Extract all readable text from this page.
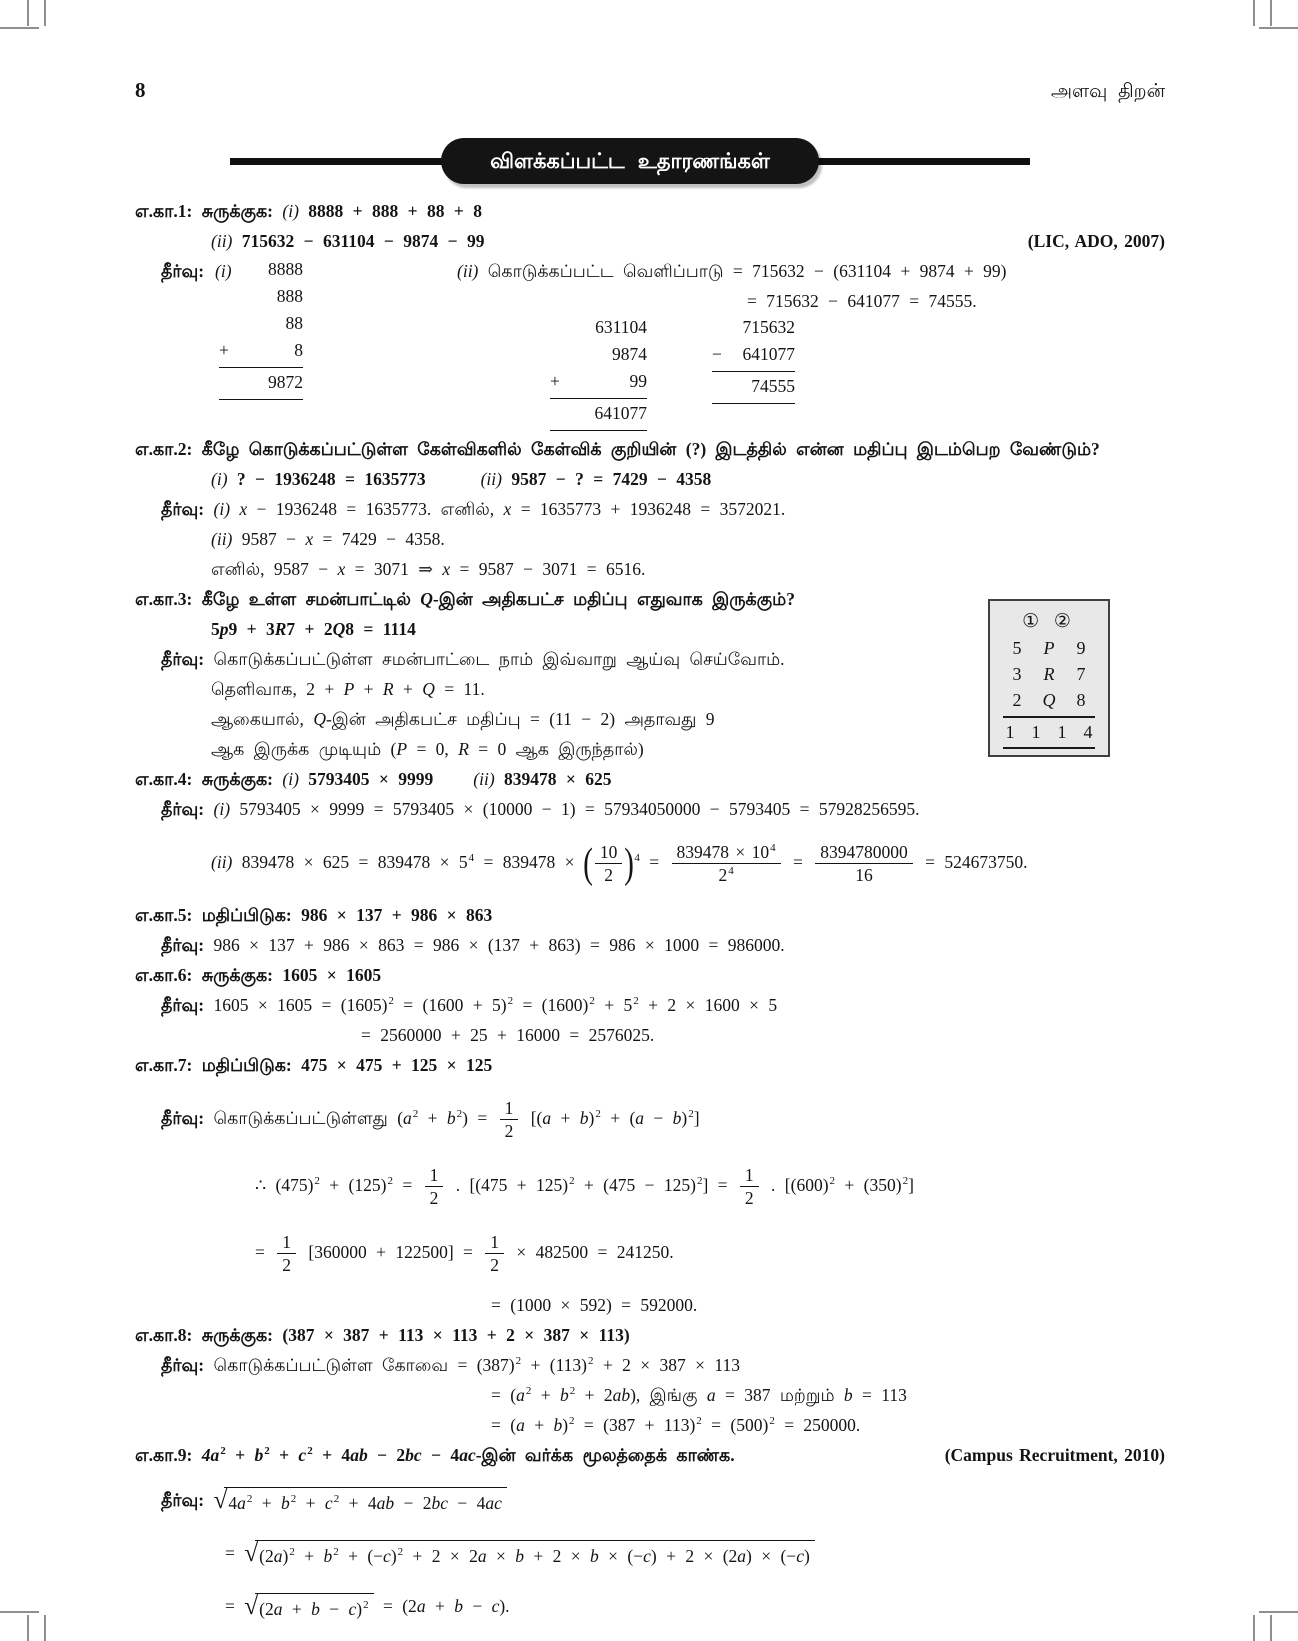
8	அளவு திறன்
விளக்கப்பட்ட உதாரணங்கள்
எ.கா.1: சுருக்குக: (i) 8888 + 888 + 88 + 8
(ii) 715632 − 631104 − 9874 − 99	(LIC, ADO, 2007)
தீர்வு: (i)	8888
888
88
+	8
9872
(ii) கொடுக்கப்பட்ட வெளிப்பாடு = 715632 − (631104 + 9874 + 99)
= 715632 − 641077 = 74555.
631104
9874
+	99
641077
715632
− 641077
74555
எ.கா.2: கீழே கொடுக்கப்பட்டுள்ள கேள்விகளில் கேள்விக் குறியின் (?) இடத்தில் என்ன மதிப்பு இடம்பெற வேண்டும்?
(i) ? − 1936248 = 1635773	(ii) 9587 − ? = 7429 − 4358
தீர்வு: (i) x − 1936248 = 1635773. எனில், x = 1635773 + 1936248 = 3572021.
(ii) 9587 − x = 7429 − 4358.
எனில், 9587 − x = 3071 ⇒ x = 9587 − 3071 = 6516.
எ.கா.3: கீழே உள்ள சமன்பாட்டில் Q-இன் அதிகபட்ச மதிப்பு எதுவாக இருக்கும்?
5p9 + 3R7 + 2Q8 = 1114
தீர்வு: கொடுக்கப்பட்டுள்ள சமன்பாட்டை நாம் இவ்வாறு ஆய்வு செய்வோம்.
தெளிவாக, 2 + P + R + Q = 11.
ஆகையால், Q-இன் அதிகபட்ச மதிப்பு = (11 − 2) அதாவது 9
ஆக இருக்க முடியும் (P = 0, R = 0 ஆக இருந்தால்)
எ.கா.4: சுருக்குக: (i) 5793405 × 9999 (ii) 839478 × 625
தீர்வு: (i) 5793405 × 9999 = 5793405 × (10000 − 1) = 57934050000 − 5793405 = 57928256595.
(ii) $839478 \times 625 = 839478 \times 5^4 = 839478$ × ( $\frac{10}{2} )^4 = \frac{839478 \times 10^4}{2^4} = \frac{8394780000}{16} = 524673750$.
எ.கா.5: மதிப்பிடுக: 986 × 137 + 986 × 863
தீர்வு: 986 × 137 + 986 × 863 = 986 × (137 + 863) = 986 × 1000 = 986000.
எ.கா.6: சுருக்குக: 1605 × 1605
தீர்வு: $1605 \times 1605 = (1605)^2 = (1600 + 5)^2 = (1600)^2 + 5^2 + 2 \times 1600 \times 5$
= 2560000 + 25 + 16000 = 2576025.
எ.கா.7: மதிப்பிடுக: 475 × 475 + 125 × 125
தீர்வு: கொடுக்கப்பட்டுள்ளது $(a^2 + b^2) = \frac{1}{2} [(a + b)^2 + (a - b)^2]$
∴ $(475)^2 + (125)^2 = \frac{1}{2}$ . $[(475 + 125)^2 + (475 - 125)^2] = \frac{1}{2}$ . $[(600)^2 + (350)^2]$
= $\frac{1}{2} [360000 + 122500] = \frac{1}{2} \times 482500 = 241250$.
= (1000 × 592) = 592000.
எ.கா.8: சுருக்குக: (387 × 387 + 113 × 113 + 2 × 387 × 113)
தீர்வு: கொடுக்கப்பட்டுள்ள கோவை = $(387)^2 + (113)^2 + 2 \times 387 \times 113$
= $(a^2 + b^2 + 2ab)$, இங்கு a = 387 மற்றும் b = 113
= $(a + b)^2 = (387 + 113)^2 = (500)^2 = 250000$.
எ.கா.9: $4a^2 + b^2 + c^2 + 4ab - 2bc$ − 4ac-இன் வர்க்க மூலத்தைக் காண்க.	(Campus Recruitment, 2010)
தீர்வு: √ $4a^2 + b^2 + c^2 + 4ab - 2bc - 4ac$
= √ $(2a)^2 + b^2 + (-c)^2 + 2 \times 2a \times b + 2 \times b \times (-c) + 2 \times (2a) \times (-c)$
= √ $(2a + b - c)^2 = (2a + b - c)$.
① ②
5 P 9
3 R 7
2 Q 8
1 1 1 4
